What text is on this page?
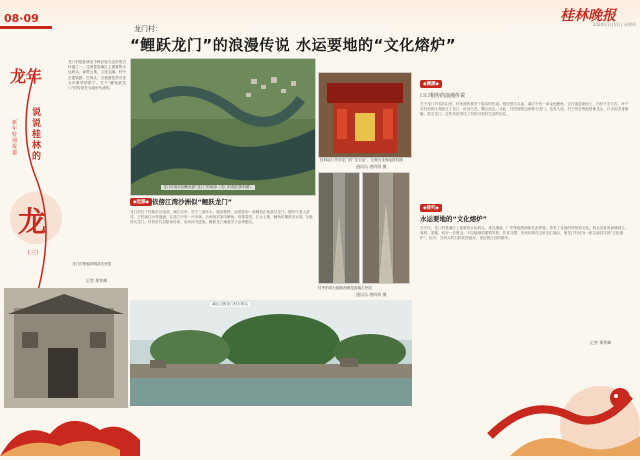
08·09	桂林晚报
2024年1月11日 星期四
龙门村：
“鲤跃龙门”的浪漫传说 水运要地的“文化熔炉”
龙年
说说桂林的
新年特别报道
龙
（三）
龙门村是桂林至今保存较为完好的古村落之一。这里曾是漓江上重要的水运码头，商贾云集，文化交融。村中古建筑群、古码头、古巷道依然可见当年繁华的影子。关于“鲤鱼跃龙门”的传说在当地世代流传。
龙门村南有如鲤鱼跃“龙门”的地形（龙门村航拍资料图）
桂林南门外的龙门村“龙王庙”，左侧为龙脊庙资料图
通讯员 唐四海 摄
村中的青石板路两侧是高墙古民居
通讯员 唐四海 摄
◆起源◆ 依傍江湾沙洲似“鲤跃龙门”
龙门村位于桂林市区南部，漓江东岸。村子三面环水，地形独特，远看犹如一条鲤鱼正欲跃过龙门。据村中老人讲述，古时漓江水势汹涌，江湾之中有一片沙洲，沙洲形状如同鲤鱼。每逢春汛，江水上涨，鲤鱼仿佛跃出水面，因此得名龙门。村民世代以耕读传家，崇尚读书进取，鲤跃龙门寓意学子金榜题名。
龙门村保留的明清古民居
记者 郑铁峰
漓江边的龙门村古码头
◆溯源◆
口口相传的浪漫传说
关于龙门村名的由来，村里流传着多个版本的传说。相传很久以前，漓江中有一条金色鲤鱼，它日夜逆流而上，历经千辛万苦，终于在村前的江湾跃过了龙门，化身为龙，腾云而去。从此，村民便将这里称为龙门。也有人说，村子所在的地势像龙头，江水如龙身蜿蜒，故名龙门。这些传说寄托了村民对美好生活的向往。
◆探究◆
水运要地的“文化熔炉”
在古代，龙门村是漓江上重要的水运码头。来自湖南、广东等地的商船在此停靠，带来了各地的货物和文化。码头边曾有商铺林立，客栈、茶楼、戏台一应俱全。不同地域的建筑风格、饮食习惯、民间信仰在这里交汇融合，使龙门村成为一座名副其实的“文化熔炉”。如今，古码头的石阶依然留存，见证着往昔的繁华。
记者 郑铁峰
